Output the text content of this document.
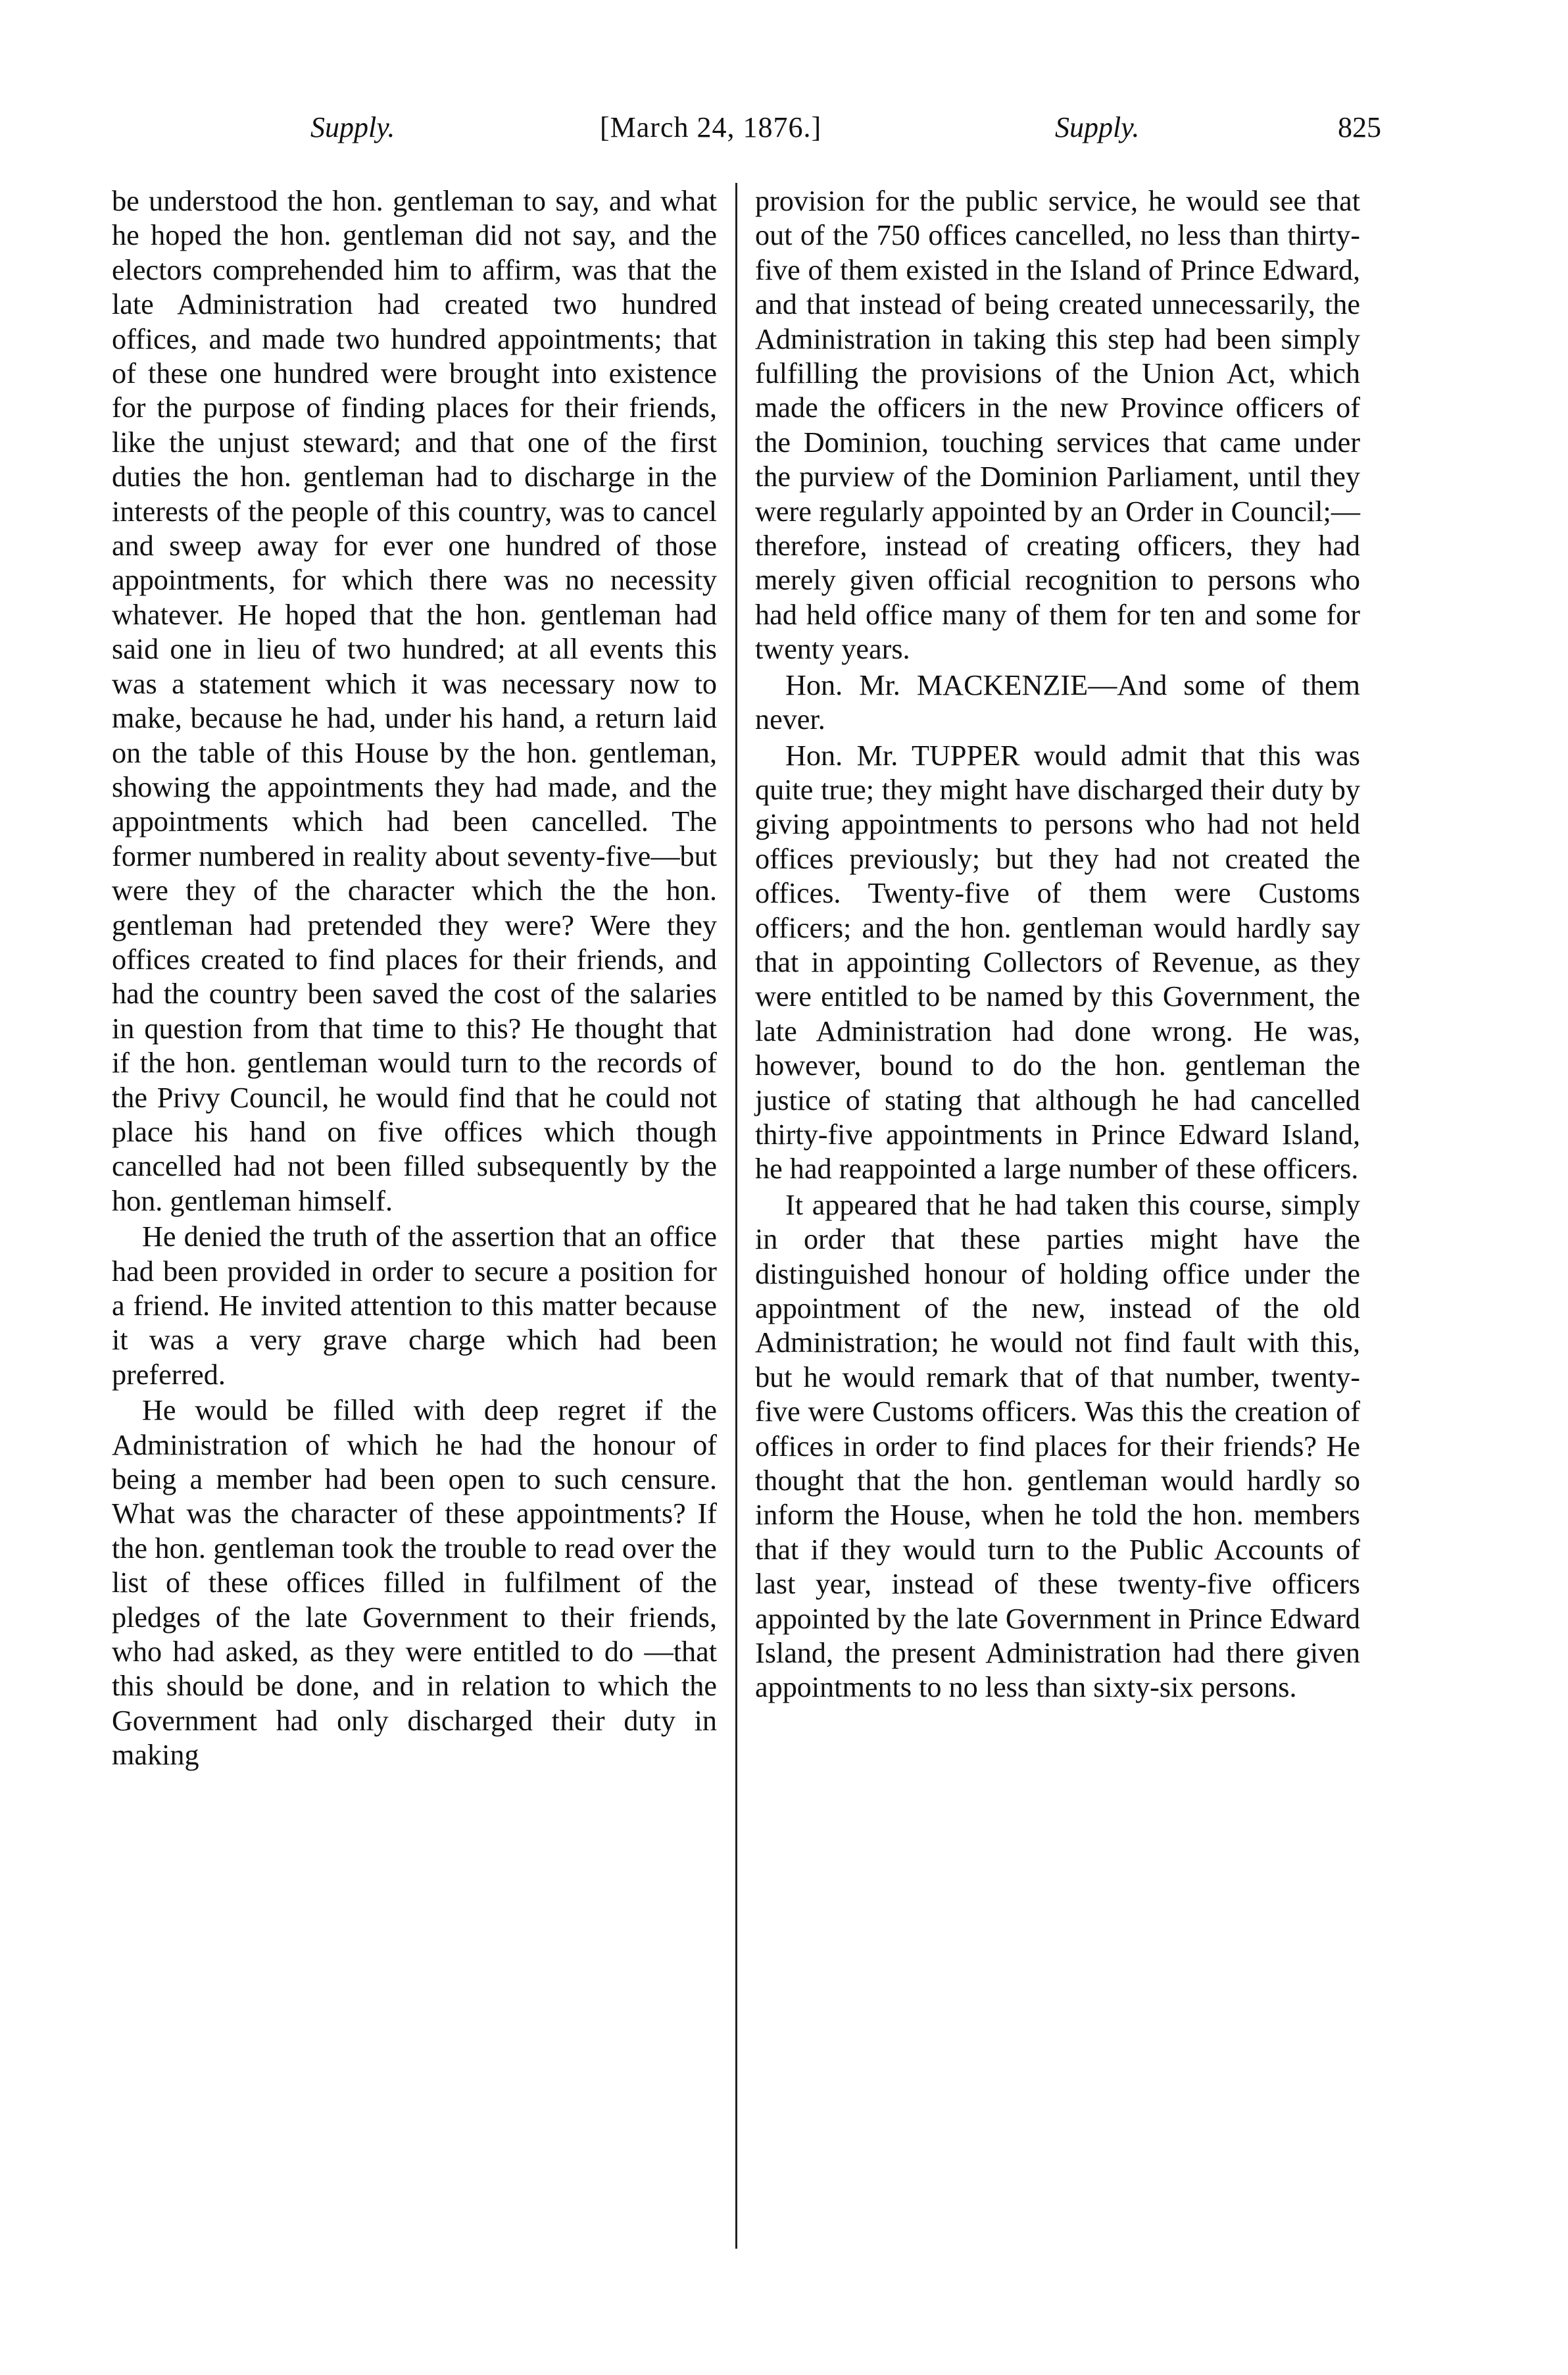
Supply.	[March 24, 1876.]	Supply.	825

be understood the hon. gentleman to say, and what he hoped the hon. gentleman did not say, and the electors comprehended him to affirm, was that the late Administration had created two hundred offices, and made two hundred appointments; that of these one hundred were brought into existence for the purpose of finding places for their friends, like the unjust steward; and that one of the first duties the hon. gentleman had to discharge in the interests of the people of this country, was to cancel and sweep away for ever one hundred of those appointments, for which there was no necessity whatever. He hoped that the hon. gentleman had said one in lieu of two hundred; at all events this was a statement which it was necessary now to make, because he had, under his hand, a return laid on the table of this House by the hon. gentleman, showing the appointments they had made, and the appointments which had been cancelled. The former numbered in reality about seventy-five—but were they of the character which the the hon. gentleman had pretended they were? Were they offices created to find places for their friends, and had the country been saved the cost of the salaries in question from that time to this? He thought that if the hon. gentleman would turn to the records of the Privy Council, he would find that he could not place his hand on five offices which though cancelled had not been filled subsequently by the hon. gentleman himself.

He denied the truth of the assertion that an office had been provided in order to secure a position for a friend. He invited attention to this matter because it was a very grave charge which had been preferred.

He would be filled with deep regret if the Administration of which he had the honour of being a member had been open to such censure. What was the character of these appointments? If the hon. gentleman took the trouble to read over the list of these offices filled in fulfilment of the pledges of the late Government to their friends, who had asked, as they were entitled to do —that this should be done, and in relation to which the Government had only discharged their duty in making

provision for the public service, he would see that out of the 750 offices cancelled, no less than thirty-five of them existed in the Island of Prince Edward, and that instead of being created unnecessarily, the Administration in taking this step had been simply fulfilling the provisions of the Union Act, which made the officers in the new Province officers of the Dominion, touching services that came under the purview of the Dominion Parliament, until they were regularly appointed by an Order in Council;—therefore, instead of creating officers, they had merely given official recognition to persons who had held office many of them for ten and some for twenty years.

Hon. Mr. MACKENZIE—And some of them never.

Hon. Mr. TUPPER would admit that this was quite true; they might have discharged their duty by giving appointments to persons who had not held offices previously; but they had not created the offices. Twenty-five of them were Customs officers; and the hon. gentleman would hardly say that in appointing Collectors of Revenue, as they were entitled to be named by this Government, the late Administration had done wrong. He was, however, bound to do the hon. gentleman the justice of stating that although he had cancelled thirty-five appointments in Prince Edward Island, he had reappointed a large number of these officers.

It appeared that he had taken this course, simply in order that these parties might have the distinguished honour of holding office under the appointment of the new, instead of the old Administration; he would not find fault with this, but he would remark that of that number, twenty-five were Customs officers. Was this the creation of offices in order to find places for their friends? He thought that the hon. gentleman would hardly so inform the House, when he told the hon. members that if they would turn to the Public Accounts of last year, instead of these twenty-five officers appointed by the late Government in Prince Edward Island, the present Administration had there given appointments to no less than sixty-six persons.
